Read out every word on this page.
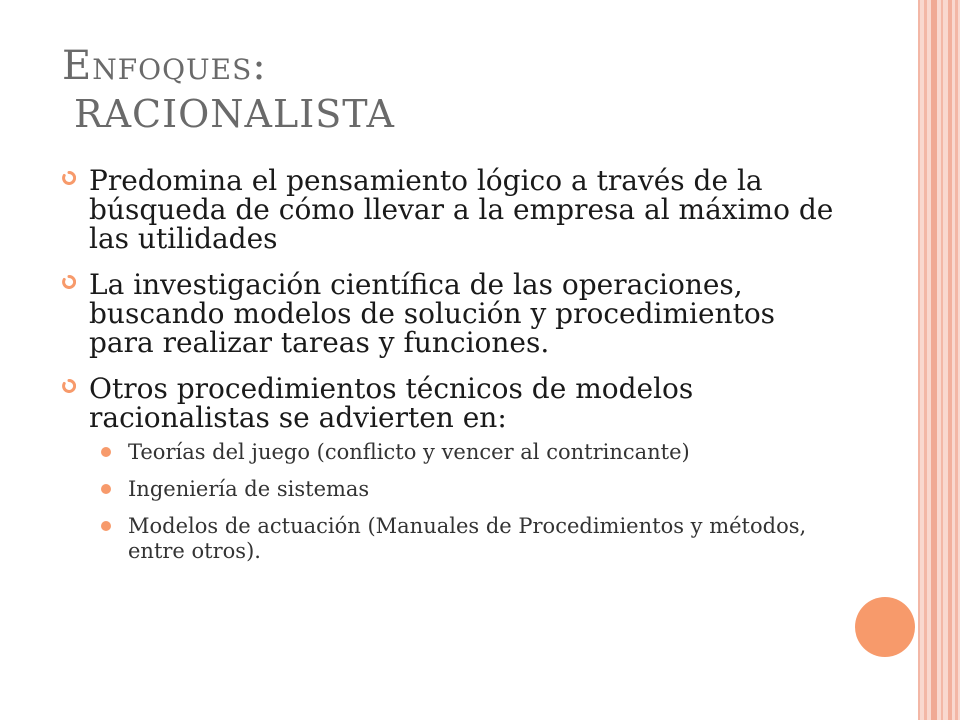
Enfoques:
RACIONALISTA
Predomina el pensamiento lógico a través de la búsqueda de cómo llevar a la empresa al máximo de las utilidades
La investigación científica de las operaciones, buscando modelos de solución y procedimientos para realizar tareas y funciones.
Otros procedimientos técnicos de modelos racionalistas se advierten en:
Teorías del juego (conflicto y vencer al contrincante)
Ingeniería de sistemas
Modelos de actuación (Manuales de Procedimientos y métodos, entre otros).
